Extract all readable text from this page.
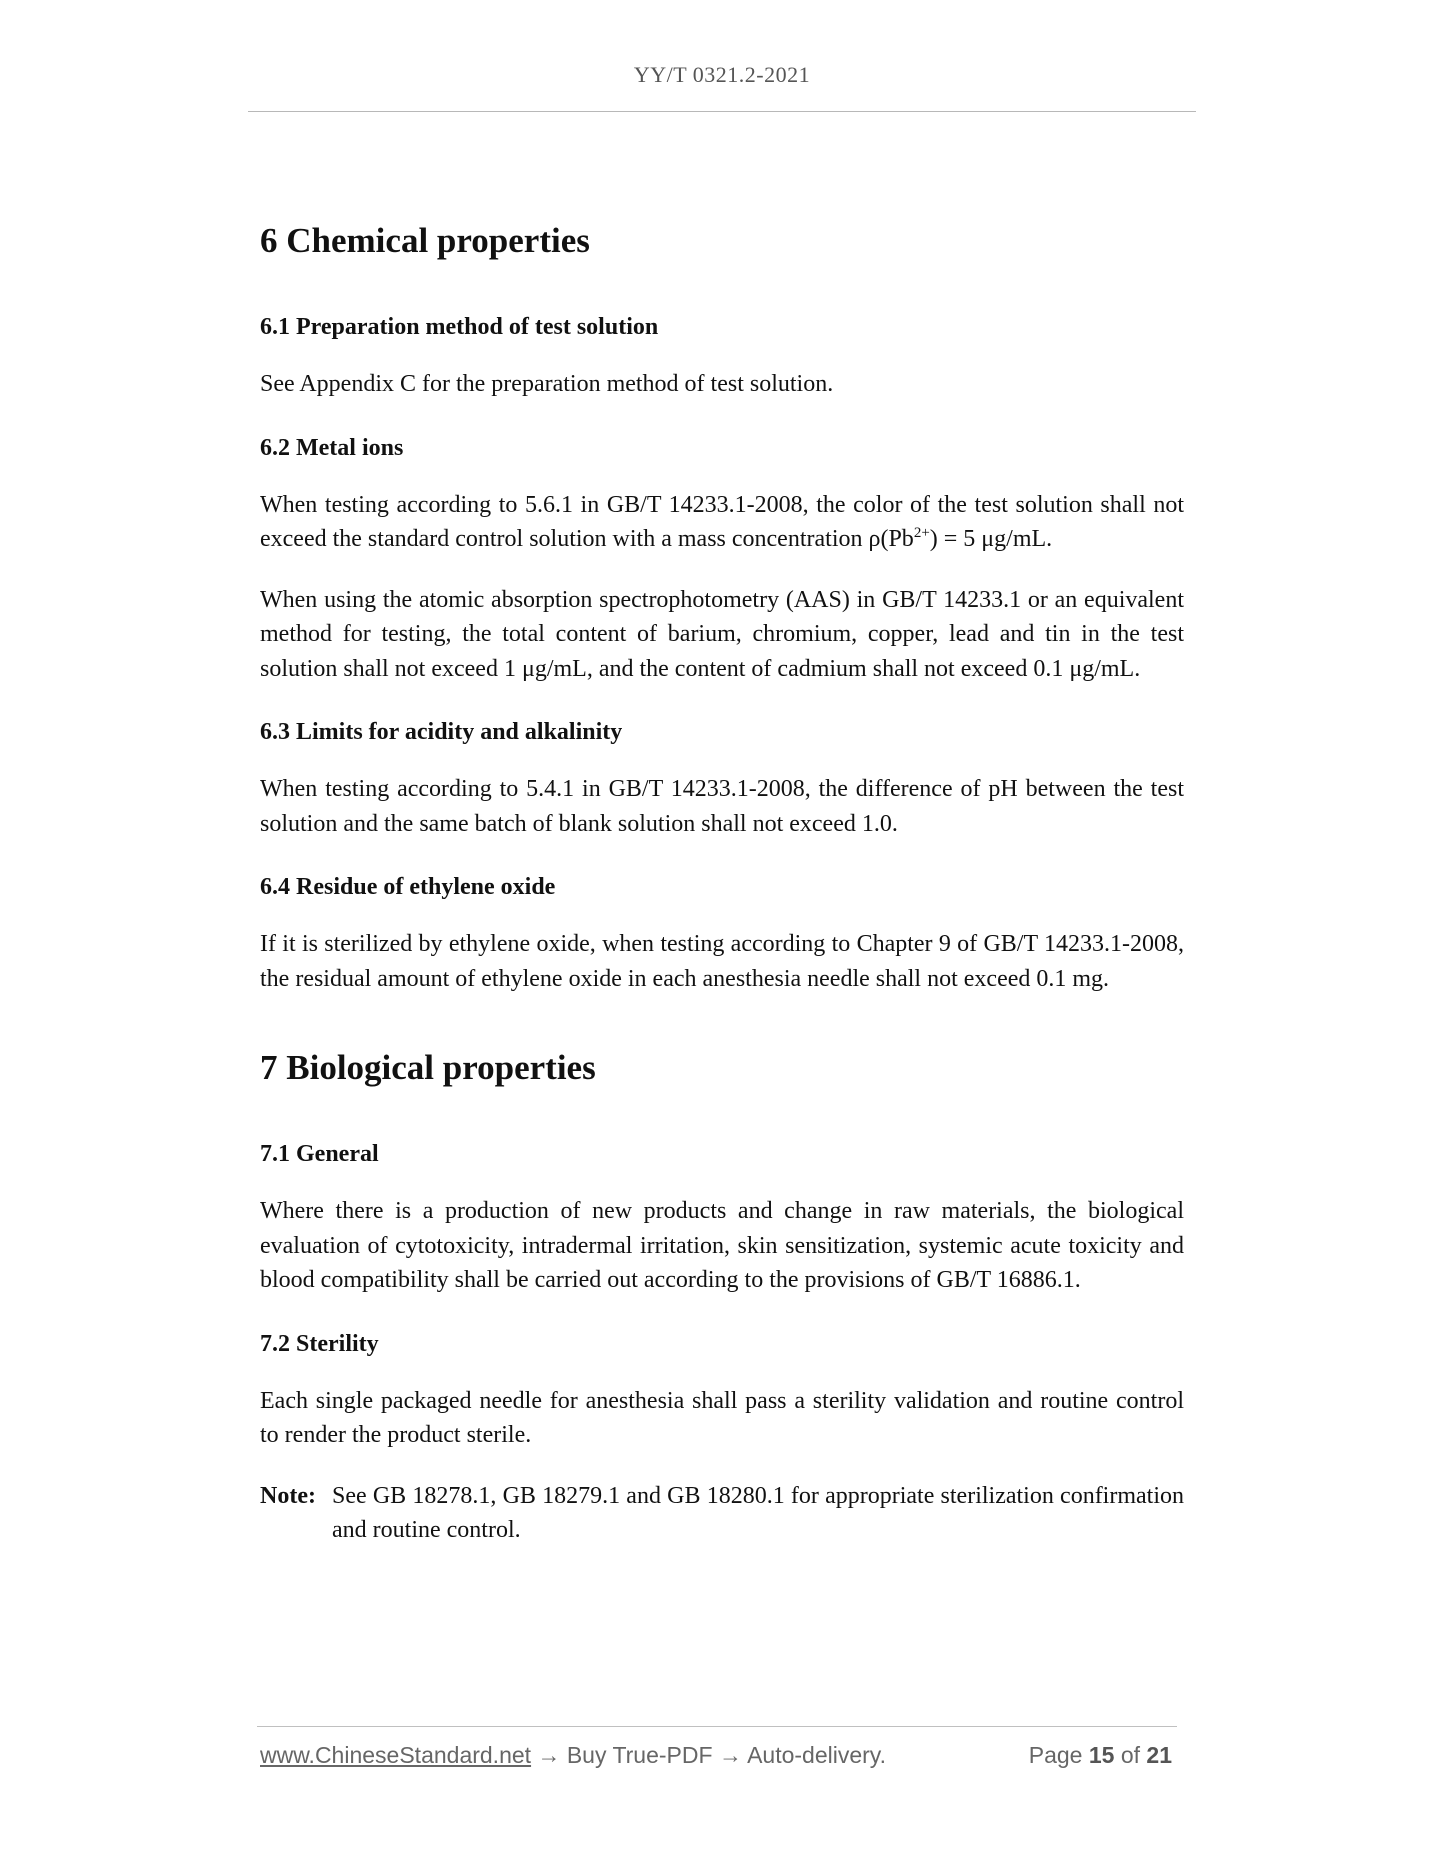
YY/T 0321.2-2021
6 Chemical properties
6.1 Preparation method of test solution

See Appendix C for the preparation method of test solution.

6.2 Metal ions

When testing according to 5.6.1 in GB/T 14233.1-2008, the color of the test solution shall not exceed the standard control solution with a mass concentration $\rho(Pb^{2+}) = 5$ μg/mL.

When using the atomic absorption spectrophotometry (AAS) in GB/T 14233.1 or an equivalent method for testing, the total content of barium, chromium, copper, lead and tin in the test solution shall not exceed 1 μg/mL, and the content of cadmium shall not exceed 0.1 μg/mL.

6.3 Limits for acidity and alkalinity

When testing according to 5.4.1 in GB/T 14233.1-2008, the difference of pH between the test solution and the same batch of blank solution shall not exceed 1.0.

6.4 Residue of ethylene oxide

If it is sterilized by ethylene oxide, when testing according to Chapter 9 of GB/T 14233.1-2008, the residual amount of ethylene oxide in each anesthesia needle shall not exceed 0.1 mg.

7 Biological properties
7.1 General

Where there is a production of new products and change in raw materials, the biological evaluation of cytotoxicity, intradermal irritation, skin sensitization, systemic acute toxicity and blood compatibility shall be carried out according to the provisions of GB/T 16886.1.

7.2 Sterility

Each single packaged needle for anesthesia shall pass a sterility validation and routine control to render the product sterile.

Note: See GB 18278.1, GB 18279.1 and GB 18280.1 for appropriate sterilization confirmation and routine control.
www.ChineseStandard.net → Buy True-PDF → Auto-delivery.	Page 15 of 21
